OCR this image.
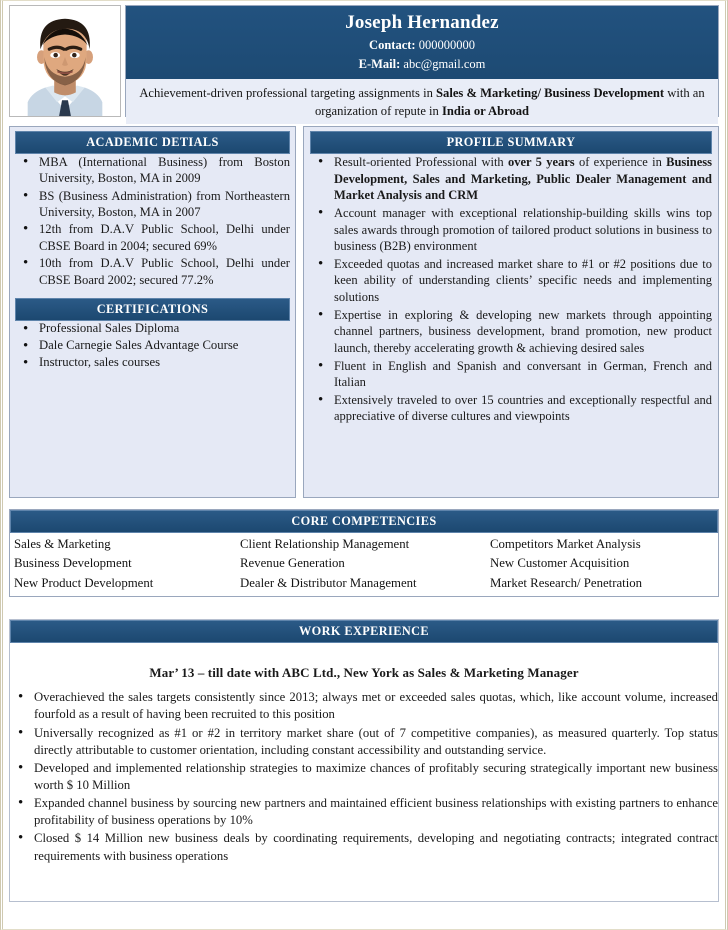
Joseph Hernandez
Contact: 000000000
E-Mail: abc@gmail.com
Achievement-driven professional targeting assignments in Sales & Marketing/ Business Development with an organization of repute in India or Abroad
ACADEMIC DETIALS
• MBA (International Business) from Boston University, Boston, MA in 2009
• BS (Business Administration) from Northeastern University, Boston, MA in 2007
• 12th from D.A.V Public School, Delhi under CBSE Board in 2004; secured 69%
• 10th from D.A.V Public School, Delhi under CBSE Board 2002; secured 77.2%
CERTIFICATIONS
• Professional Sales Diploma
• Dale Carnegie Sales Advantage Course
• Instructor, sales courses
PROFILE SUMMARY
• Result-oriented Professional with over 5 years of experience in Business Development, Sales and Marketing, Public Dealer Management and Market Analysis and CRM
• Account manager with exceptional relationship-building skills wins top sales awards through promotion of tailored product solutions in business to business (B2B) environment
• Exceeded quotas and increased market share to #1 or #2 positions due to keen ability of understanding clients’ specific needs and implementing solutions
• Expertise in exploring & developing new markets through appointing channel partners, business development, brand promotion, new product launch, thereby accelerating growth & achieving desired sales
• Fluent in English and Spanish and conversant in German, French and Italian
• Extensively traveled to over 15 countries and exceptionally respectful and appreciative of diverse cultures and viewpoints
CORE COMPETENCIES
Sales & Marketing	Client Relationship Management	Competitors Market Analysis
Business Development	Revenue Generation	New Customer Acquisition
New Product Development	Dealer & Distributor Management	Market Research/ Penetration
WORK EXPERIENCE
Mar’ 13 – till date with ABC Ltd., New York as Sales & Marketing Manager
• Overachieved the sales targets consistently since 2013; always met or exceeded sales quotas, which, like account volume, increased fourfold as a result of having been recruited to this position
• Universally recognized as #1 or #2 in territory market share (out of 7 competitive companies), as measured quarterly. Top status directly attributable to customer orientation, including constant accessibility and outstanding service.
• Developed and implemented relationship strategies to maximize chances of profitably securing strategically important new business worth $ 10 Million
• Expanded channel business by sourcing new partners and maintained efficient business relationships with existing partners to enhance profitability of business operations by 10%
• Closed $ 14 Million new business deals by coordinating requirements, developing and negotiating contracts; integrated contract requirements with business operations
